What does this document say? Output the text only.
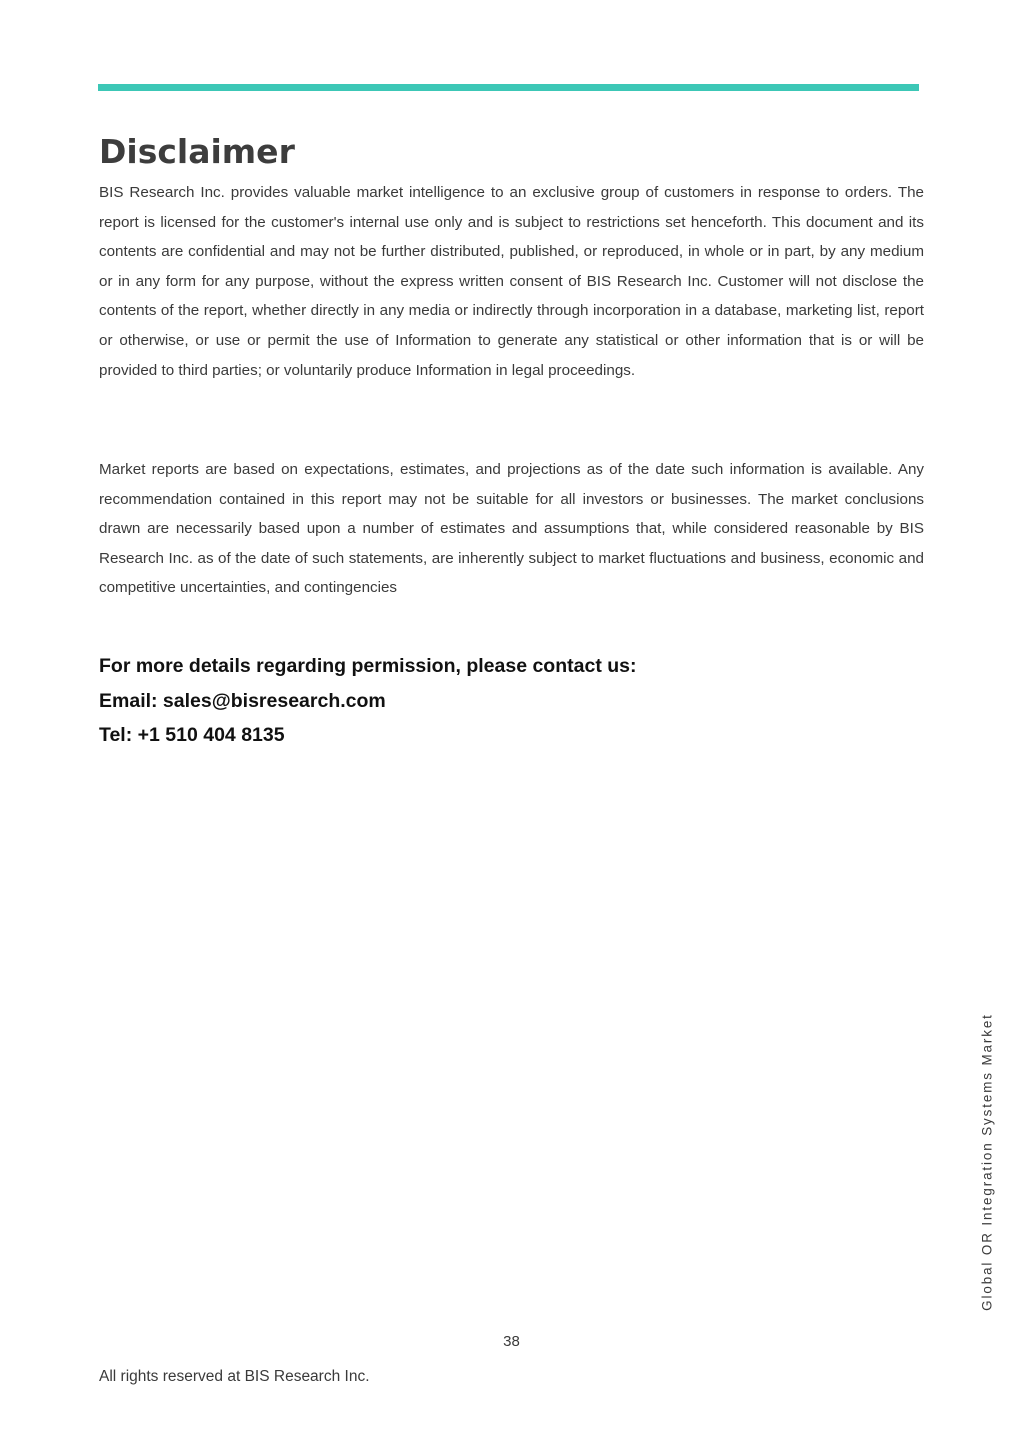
Disclaimer

BIS Research Inc. provides valuable market intelligence to an exclusive group of customers in response to orders. The report is licensed for the customer's internal use only and is subject to restrictions set henceforth. This document and its contents are confidential and may not be further distributed, published, or reproduced, in whole or in part, by any medium or in any form for any purpose, without the express written consent of BIS Research Inc. Customer will not disclose the contents of the report, whether directly in any media or indirectly through incorporation in a database, marketing list, report or otherwise, or use or permit the use of Information to generate any statistical or other information that is or will be provided to third parties; or voluntarily produce Information in legal proceedings.

Market reports are based on expectations, estimates, and projections as of the date such information is available. Any recommendation contained in this report may not be suitable for all investors or businesses. The market conclusions drawn are necessarily based upon a number of estimates and assumptions that, while considered reasonable by BIS Research Inc. as of the date of such statements, are inherently subject to market fluctuations and business, economic and competitive uncertainties, and contingencies

For more details regarding permission, please contact us:
Email: sales@bisresearch.com
Tel: +1 510 404 8135
Global OR Integration Systems Market
38
All rights reserved at BIS Research Inc.
